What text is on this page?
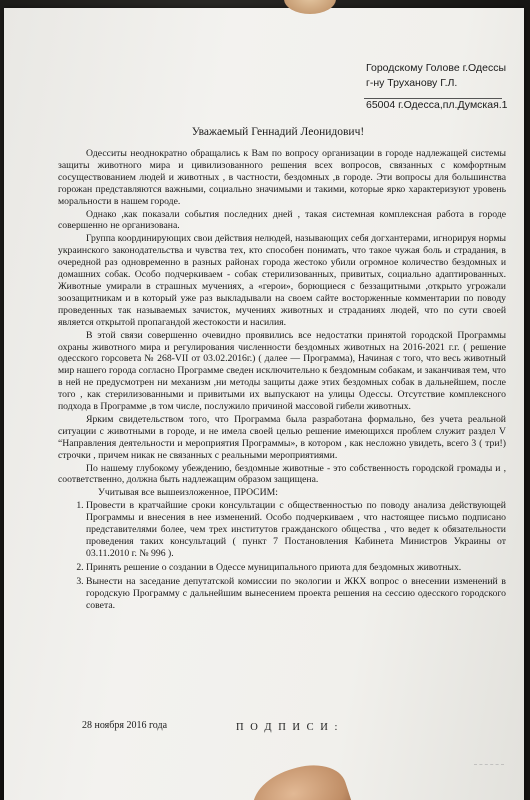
Городскому Голове г.Одессы
г-ну Труханову Г.Л.
65004 г.Одесса,пл.Думская.1
Уважаемый Геннадий Леонидович!

Одесситы неоднократно обращались к Вам по вопросу организации в городе надлежащей системы защиты животного мира и цивилизованного решения всех вопросов, связанных с комфортным сосуществованием людей и животных , в частности, бездомных ,в городе. Эти вопросы для большинства горожан представляются важными, социально значимыми и такими, которые ярко характеризуют уровень моральности в нашем городе.

Однако ,как показали события последних дней , такая системная комплексная работа в городе совершенно не организована.

Группа координирующих свои действия нелюдей, называющих себя догхантерами, игнорируя нормы украинского законодательства и чувства тех, кто способен понимать, что такое чужая боль и страдания, в очередной раз одновременно в разных районах города жестоко убили огромное количество бездомных и домашних собак. Особо подчеркиваем - собак стерилизованных, привитых, социально адаптированных. Животные умирали в страшных мучениях, а «герои», борющиеся с беззащитными ,открыто угрожали зоозащитникам и в который уже раз выкладывали на своем сайте восторженные комментарии по поводу проведенных так называемых зачисток, мучениях животных и страданиях людей, что по сути своей является открытой пропагандой жестокости и насилия.

В этой связи совершенно очевидно проявились все недостатки принятой городской Программы охраны животного мира и регулирования численности бездомных животных на 2016-2021 г.г. ( решение одесского горсовета № 268-VII от 03.02.2016г.) ( далее — Программа), Начиная с того, что весь животный мир нашего города согласно Программе сведен исключительно к бездомным собакам, и заканчивая тем, что в ней не предусмотрен ни механизм ,ни методы защиты даже этих бездомных собак в дальнейшем, после того , как стерилизованными и привитыми их выпускают на улицы Одессы. Отсутствие комплексного подхода в Программе ,в том числе, послужило причиной массовой гибели животных.

Ярким свидетельством того, что Программа была разработана формально, без учета реальной ситуации с животными в городе, и не имела своей целью решение имеющихся проблем служит раздел V “Направления деятельности и мероприятия Программы», в котором , как несложно увидеть, всего 3 ( три!) строчки , причем никак не связанных с реальными мероприятиями.

По нашему глубокому убеждению, бездомные животные - это собственность городской громады и , соответственно, должна быть надлежащим образом защищена.

Учитывая все вышеизложенное, ПРОСИМ:

1. Провести в кратчайшие сроки консультации с общественностью по поводу анализа действующей Программы и внесения в нее изменений. Особо подчеркиваем , что настоящее письмо подписано представителями более, чем трех институтов гражданского общества , что ведет к обязательности проведения таких консультаций ( пункт 7 Постановления Кабинета Министров Украины от 03.11.2010 г. № 996 ).
2. Принять решение о создании в Одессе муниципального приюта для бездомных животных.
3. Вынести на заседание депутатской комиссии по экологии и ЖКХ вопрос о внесении изменений в городскую Программу с дальнейшим вынесением проекта решения на сессию одесского городского совета.
28 ноября 2016 года	П О Д П И С И :
